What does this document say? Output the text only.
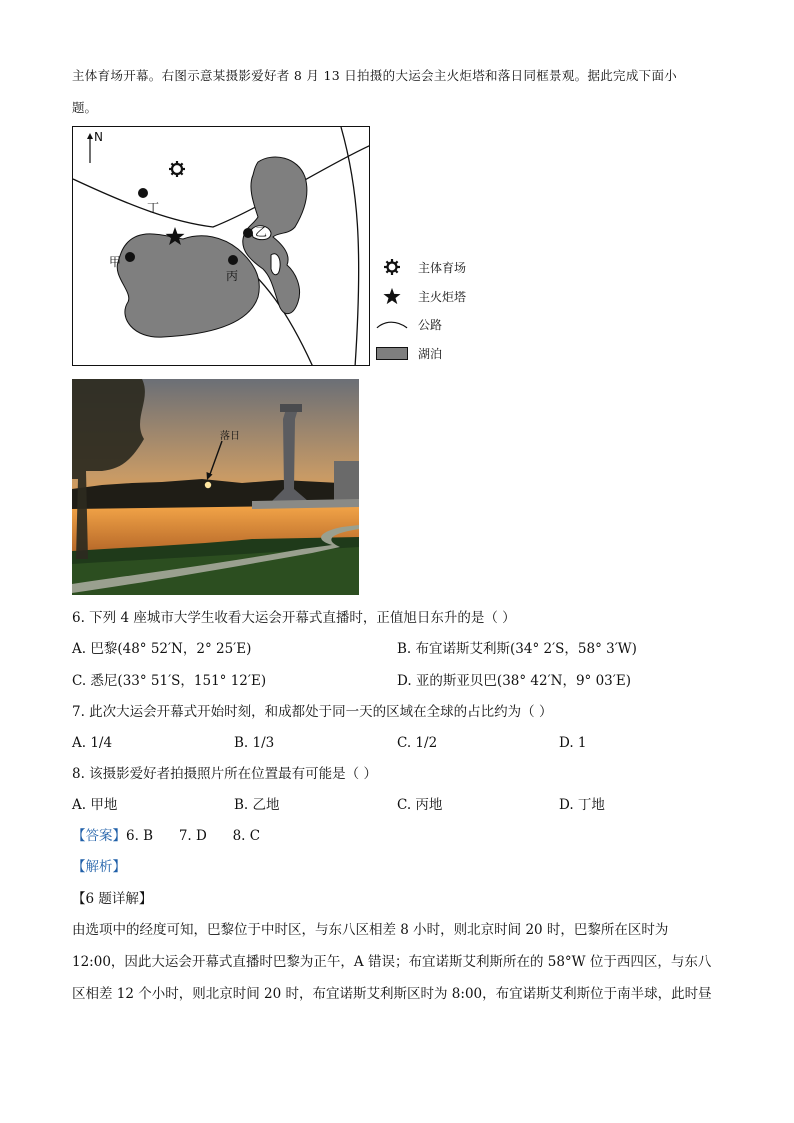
主体育场开幕。右图示意某摄影爱好者 8 月 13 日拍摄的大运会主火炬塔和落日同框景观。据此完成下面小
题。
N
丁
甲
乙
丙
主体育场
主火炬塔
公路
湖泊
落日
6. 下列 4 座城市大学生收看大运会开幕式直播时，正值旭日东升的是（ ）
A. 巴黎(48° 52′N，2° 25′E)	B. 布宜诺斯艾利斯(34° 2′S，58° 3′W)
C. 悉尼(33° 51′S，151° 12′E)	D. 亚的斯亚贝巴(38° 42′N，9° 03′E)
7. 此次大运会开幕式开始时刻，和成都处于同一天的区域在全球的占比约为（ ）
A. 1/4	B. 1/3	C. 1/2	D. 1
8. 该摄影爱好者拍摄照片所在位置最有可能是（ ）
A. 甲地	B. 乙地	C. 丙地	D. 丁地
【答案】6. B      7. D      8. C
【解析】
【6 题详解】
由选项中的经度可知，巴黎位于中时区，与东八区相差 8 小时，则北京时间 20 时，巴黎所在区时为
12:00，因此大运会开幕式直播时巴黎为正午，A 错误；布宜诺斯艾利斯所在的 58°W 位于西四区，与东八
区相差 12 个小时，则北京时间 20 时，布宜诺斯艾利斯区时为 8:00，布宜诺斯艾利斯位于南半球，此时昼
